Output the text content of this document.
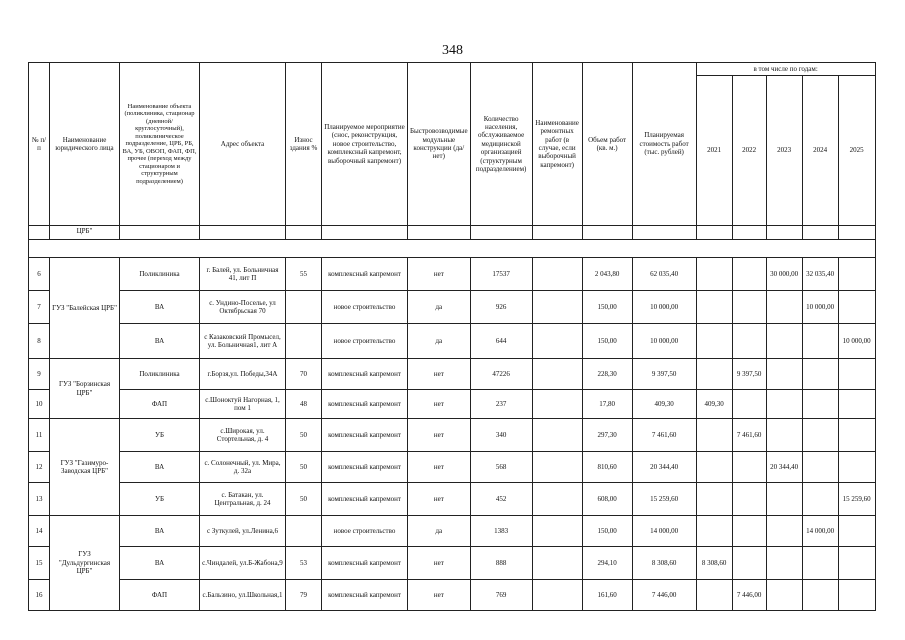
348
№ п/ п	Наименование юридического лица	Наименование объекта (поликлиника, стационар (дневной/круглосуточный), поликлиническое подразделение, ЦРБ, РБ, ВА, УБ, ОВОП, ФАП, ФП, прочее (переход между стационаром и структурным подразделением)	Адрес объекта	Износ здания %	Планируемое мероприятие (снос, реконструкция, новое строительство, комплексный капремонт, выборочный капремонт)	Быстровозводимые модульные конструкции (да/нет)	Количество населения, обслуживаемое медицинской организацией (структурным подразделением)	Наименование ремонтных работ (в случае, если выборочный капремонт)	Объем работ (кв. м.)	Планируемая стоимость работ (тыс. рублей)	в том числе по годам:				
											2021	2022	2023	2024	2025
	ЦРБ"														

6	ГУЗ "Балейская ЦРБ"	Поликлиника	г. Балей, ул. Больничная 41, лит П	55	комплексный капремонт	нет	17537		2 043,80	62 035,40			30 000,00	32 035,40	
7		ВА	с. Ундино-Поселье, ул Октябрьская 70		новое строительство	да	926		150,00	10 000,00				10 000,00	
8		ВА	с Казаковский Промысел, ул. Больничная1, лит А		новое строительство	да	644		150,00	10 000,00					10 000,00
9	ГУЗ "Борзинская ЦРБ"	Поликлиника	г.Борзя,ул. Победы,34А	70	комплексный капремонт	нет	47226		228,30	9 397,50		9 397,50			
10		ФАП	с.Шоноктуй Нагорная, 1, пом 1	48	комплексный капремонт	нет	237		17,80	409,30	409,30				
11	ГУЗ "Газимуро-Заводская ЦРБ"	УБ	с.Широкая, ул. Стортельная, д. 4	50	комплексный капремонт	нет	340		297,30	7 461,60		7 461,60			
12		ВА	с. Солонечный, ул. Мира, д. 32а	50	комплексный капремонт	нет	568		810,60	20 344,40			20 344,40		
13		УБ	с. Батакан, ул. Центральная, д. 24	50	комплексный капремонт	нет	452		608,00	15 259,60					15 259,60
14	ГУЗ "Дульдургинская ЦРБ"	ВА	с Зуткулей, ул.Ленина,6		новое строительство	да	1383		150,00	14 000,00				14 000,00	
15		ВА	с.Чиндалей, ул.Б-Жабона,9	53	комплексный капремонт	нет	888		294,10	8 308,60	8 308,60				
16		ФАП	с.Бальзино, ул.Школьная,1	79	комплексный капремонт	нет	769		161,60	7 446,00		7 446,00			
